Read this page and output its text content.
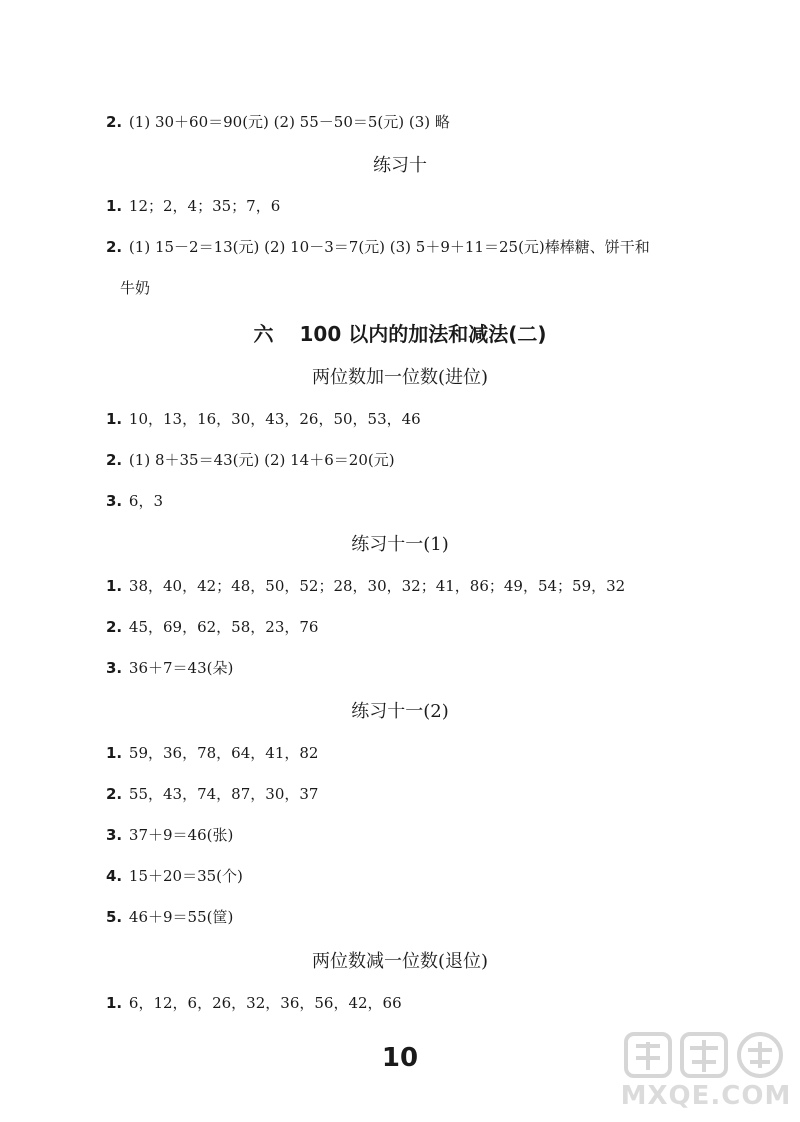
2. (1) 30＋60＝90(元) (2) 55－50＝5(元) (3) 略
练习十
1. 12；2，4；35；7，6
2. (1) 15－2＝13(元) (2) 10－3＝7(元) (3) 5＋9＋11＝25(元)棒棒糖、饼干和
牛奶
六 100 以内的加法和减法(二)
两位数加一位数(进位)
1. 10，13，16，30，43，26，50，53，46
2. (1) 8＋35＝43(元) (2) 14＋6＝20(元)
3. 6，3
练习十一(1)
1. 38，40，42；48，50，52；28，30，32；41，86；49，54；59，32
2. 45，69，62，58，23，76
3. 36＋7＝43(朵)
练习十一(2)
1. 59，36，78，64，41，82
2. 55，43，74，87，30，37
3. 37＋9＝46(张)
4. 15＋20＝35(个)
5. 46＋9＝55(筐)
两位数减一位数(退位)
1. 6，12，6，26，32，36，56，42，66
10
MXQE.COM
